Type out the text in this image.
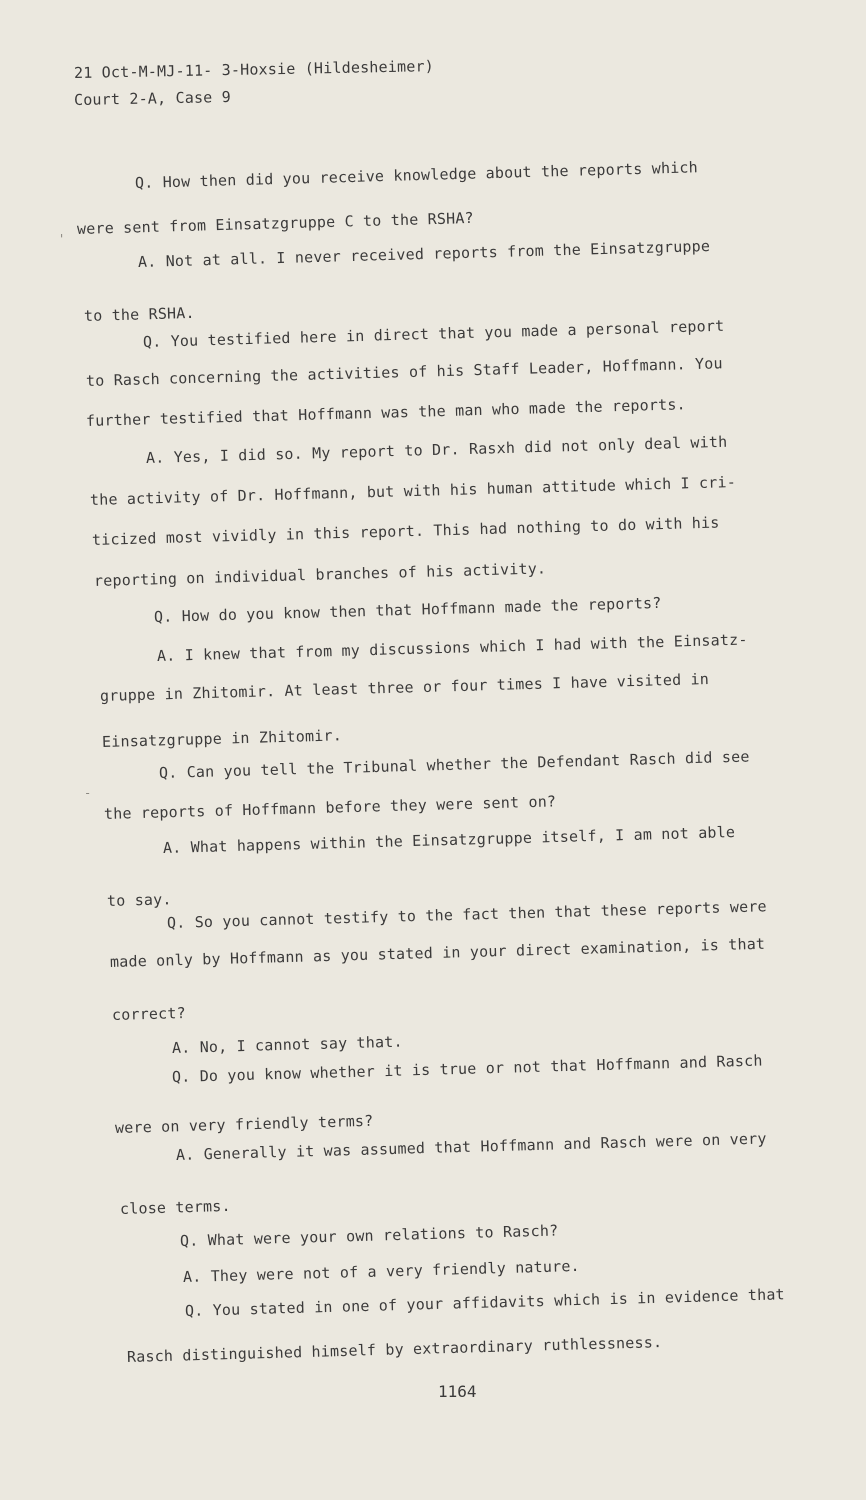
21 Oct-M-MJ-11- 3-Hoxsie (Hildesheimer)
Court 2-A, Case 9
'
-
Q. How then did you receive knowledge about the reports which
were sent from Einsatzgruppe C to the RSHA?
A. Not at all. I never received reports from the Einsatzgruppe
to the RSHA.
Q. You testified here in direct that you made a personal report
to Rasch concerning the activities of his Staff Leader, Hoffmann. You
further testified that Hoffmann was the man who made the reports.
A. Yes, I did so. My report to Dr. Rasxh did not only deal with
the activity of Dr. Hoffmann, but with his human attitude which I cri-
ticized most vividly in this report. This had nothing to do with his
reporting on individual branches of his activity.
Q. How do you know then that Hoffmann made the reports?
A. I knew that from my discussions which I had with the Einsatz-
gruppe in Zhitomir. At least three or four times I have visited in
Einsatzgruppe in Zhitomir.
Q. Can you tell the Tribunal whether the Defendant Rasch did see
the reports of Hoffmann before they were sent on?
A. What happens within the Einsatzgruppe itself, I am not able
to say.
Q. So you cannot testify to the fact then that these reports were
made only by Hoffmann as you stated in your direct examination, is that
correct?
A. No, I cannot say that.
Q. Do you know whether it is true or not that Hoffmann and Rasch
were on very friendly terms?
A. Generally it was assumed that Hoffmann and Rasch were on very
close terms.
Q. What were your own relations to Rasch?
A. They were not of a very friendly nature.
Q. You stated in one of your affidavits which is in evidence that
Rasch distinguished himself by extraordinary ruthlessness.
1164
